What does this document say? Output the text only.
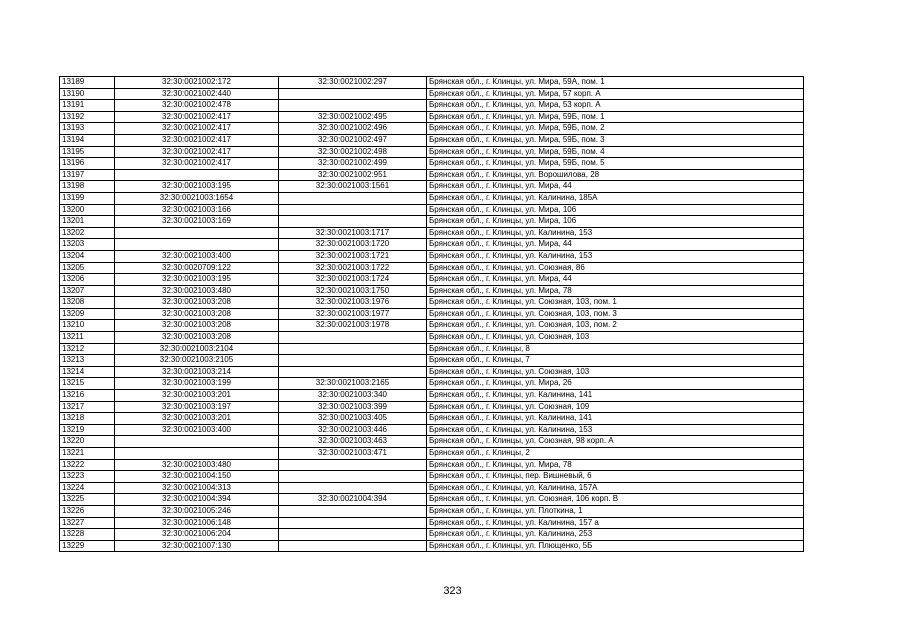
13189	32:30:0021002:172	32:30:0021002:297	Брянская обл., г. Клинцы, ул. Мира, 59А, пом. 1
13190	32:30:0021002:440		Брянская обл., г. Клинцы, ул. Мира, 57 корп. А
13191	32:30:0021002:478		Брянская обл., г. Клинцы, ул. Мира, 53 корп. А
13192	32:30:0021002:417	32:30:0021002:495	Брянская обл., г. Клинцы, ул. Мира, 59Б, пом. 1
13193	32:30:0021002:417	32:30:0021002:496	Брянская обл., г. Клинцы, ул. Мира, 59Б, пом. 2
13194	32:30:0021002:417	32:30:0021002:497	Брянская обл., г. Клинцы, ул. Мира, 59Б, пом. 3
13195	32:30:0021002:417	32:30:0021002:498	Брянская обл., г. Клинцы, ул. Мира, 59Б, пом. 4
13196	32:30:0021002:417	32:30:0021002:499	Брянская обл., г. Клинцы, ул. Мира, 59Б, пом. 5
13197		32:30:0021002:951	Брянская обл., г. Клинцы, ул. Ворошилова, 28
13198	32:30:0021003:195	32:30:0021003:1561	Брянская обл., г. Клинцы, ул. Мира, 44
13199	32:30:0021003:1654		Брянская обл., г. Клинцы, ул. Калинина, 185А
13200	32:30:0021003:166		Брянская обл., г. Клинцы, ул. Мира, 106
13201	32:30:0021003:169		Брянская обл., г. Клинцы, ул. Мира, 106
13202		32:30:0021003:1717	Брянская обл., г. Клинцы, ул. Калинина, 153
13203		32:30:0021003:1720	Брянская обл., г. Клинцы, ул. Мира, 44
13204	32:30:0021003:400	32:30:0021003:1721	Брянская обл., г. Клинцы, ул. Калинина, 153
13205	32:30:0020709:122	32:30:0021003:1722	Брянская обл., г. Клинцы, ул. Союзная, 86
13206	32:30:0021003:195	32:30:0021003:1724	Брянская обл., г. Клинцы, ул. Мира, 44
13207	32:30:0021003:480	32:30:0021003:1750	Брянская обл., г. Клинцы, ул. Мира, 78
13208	32:30:0021003:208	32:30:0021003:1976	Брянская обл., г. Клинцы, ул. Союзная, 103, пом. 1
13209	32:30:0021003:208	32:30:0021003:1977	Брянская обл., г. Клинцы, ул. Союзная, 103, пом. 3
13210	32:30:0021003:208	32:30:0021003:1978	Брянская обл., г. Клинцы, ул. Союзная, 103, пом. 2
13211	32:30:0021003:208		Брянская обл., г. Клинцы, ул. Союзная, 103
13212	32:30:0021003:2104		Брянская обл., г. Клинцы, 8
13213	32:30:0021003:2105		Брянская обл., г. Клинцы, 7
13214	32:30:0021003:214		Брянская обл., г. Клинцы, ул. Союзная, 103
13215	32:30:0021003:199	32:30:0021003:2165	Брянская обл., г. Клинцы, ул. Мира, 26
13216	32:30:0021003:201	32:30:0021003:340	Брянская обл., г. Клинцы, ул. Калинина, 141
13217	32:30:0021003:197	32:30:0021003:399	Брянская обл., г. Клинцы, ул. Союзная, 109
13218	32:30:0021003:201	32:30:0021003:405	Брянская обл., г. Клинцы, ул. Калинина, 141
13219	32:30:0021003:400	32:30:0021003:446	Брянская обл., г. Клинцы, ул. Калинина, 153
13220		32:30:0021003:463	Брянская обл., г. Клинцы, ул. Союзная, 98 корп. А
13221		32:30:0021003:471	Брянская обл., г. Клинцы, 2
13222	32:30:0021003:480		Брянская обл., г. Клинцы, ул. Мира, 78
13223	32:30:0021004:150		Брянская обл., г. Клинцы, пер. Вишневый, 6
13224	32:30:0021004:313		Брянская обл., г. Клинцы, ул. Калинина, 157А
13225	32:30:0021004:394	32:30:0021004:394	Брянская обл., г. Клинцы, ул. Союзная, 106 корп. В
13226	32:30:0021005:246		Брянская обл., г. Клинцы, ул. Плоткина, 1
13227	32:30:0021006:148		Брянская обл., г. Клинцы, ул. Калинина, 157 а
13228	32:30:0021006:204		Брянская обл., г. Клинцы, ул. Калинина, 253
13229	32:30:0021007:130		Брянская обл., г. Клинцы, ул. Плющенко, 5Б
323
